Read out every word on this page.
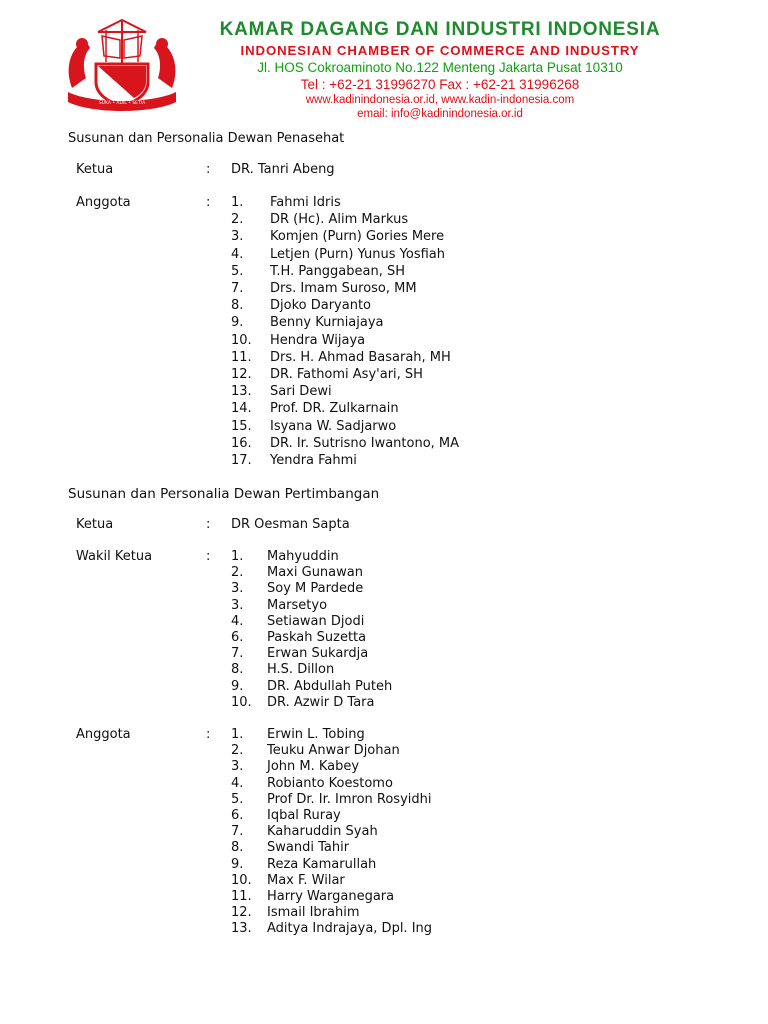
SUKA • ADIL • SETIA
KAMAR DAGANG DAN INDUSTRI INDONESIA
INDONESIAN CHAMBER OF COMMERCE AND INDUSTRY
Jl. HOS Cokroaminoto No.122 Menteng Jakarta Pusat 10310
Tel : +62-21 31996270 Fax : +62-21 31996268
www.kadinindonesia.or.id, www.kadin-indonesia.com
email: info@kadinindonesia.or.id
Susunan dan Personalia Dewan Penasehat
Ketua	: DR. Tanri Abeng
Anggota	: 1. Fahmi Idris
2. DR (Hc). Alim Markus
3. Komjen (Purn) Gories Mere
4. Letjen (Purn) Yunus Yosfiah
5. T.H. Panggabean, SH
7. Drs. Imam Suroso, MM
8. Djoko Daryanto
9. Benny Kurniajaya
10. Hendra Wijaya
11. Drs. H. Ahmad Basarah, MH
12. DR. Fathomi Asy'ari, SH
13. Sari Dewi
14. Prof. DR. Zulkarnain
15. Isyana W. Sadjarwo
16. DR. Ir. Sutrisno Iwantono, MA
17. Yendra Fahmi
Susunan dan Personalia Dewan Pertimbangan
Ketua	: DR Oesman Sapta
Wakil Ketua	: 1. Mahyuddin
2. Maxi Gunawan
3. Soy M Pardede
3. Marsetyo
4. Setiawan Djodi
6. Paskah Suzetta
7. Erwan Sukardja
8. H.S. Dillon
9. DR. Abdullah Puteh
10. DR. Azwir D Tara
Anggota	: 1. Erwin L. Tobing
2. Teuku Anwar Djohan
3. John M. Kabey
4. Robianto Koestomo
5. Prof Dr. Ir. Imron Rosyidhi
6. Iqbal Ruray
7. Kaharuddin Syah
8. Swandi Tahir
9. Reza Kamarullah
10. Max F. Wilar
11. Harry Warganegara
12. Ismail Ibrahim
13. Aditya Indrajaya, Dpl. Ing
